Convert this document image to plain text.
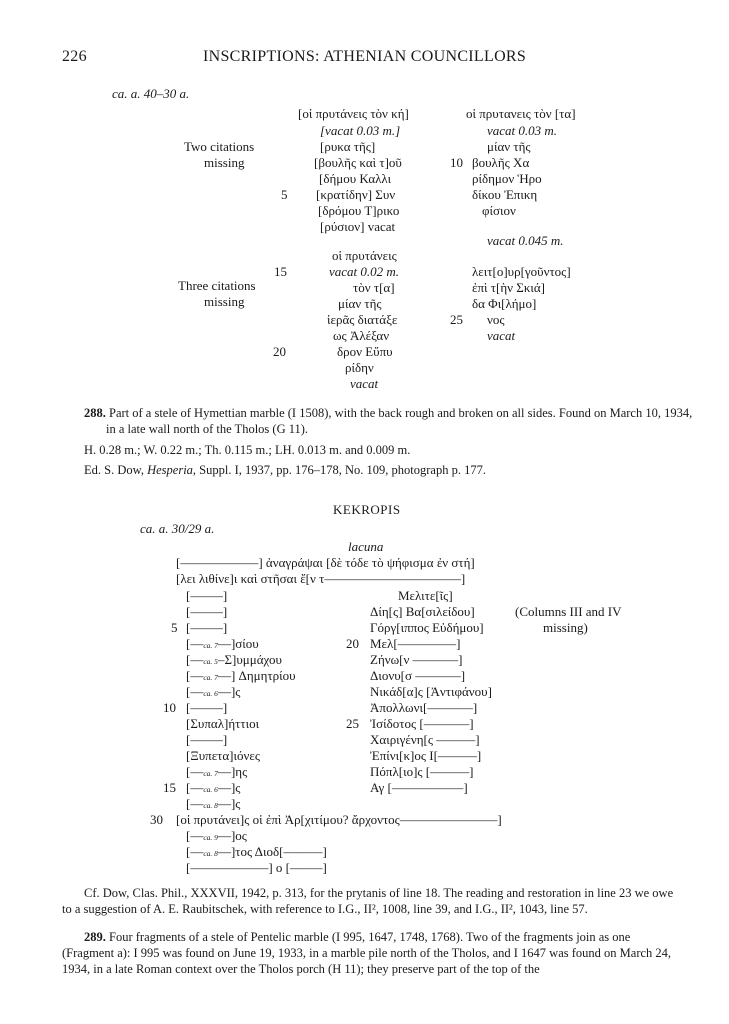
226	INSCRIPTIONS: ATHENIAN COUNCILLORS
ca. a. 40–30 a.
Two citations
missing
Three citations
missing
[οἱ πρυτάνεις τὸν κή]
[vacat 0.03 m.]
[ρυκα τῆς]
[βουλῆς καὶ τ]οῦ
[δήμου Καλλι
[κρατίδην] Συν
[δρόμου Τ]ρικο
[ρύσιον] vacat
οἱ πρυτάνεις
vacat 0.02 m.
τὸν τ[α]
μίαν τῆς
ἱερᾶς διατάξε
ως Ἀλέξαν
δρον Εὔπυ
ρίδην
vacat
οἱ πρυτανεις τὸν [τα]
vacat 0.03 m.
μίαν τῆς
βουλῆς Χα
ρίδημον Ἡρο
δίκου Ἐπικη
φίσιον
vacat 0.045 m.
λειτ[ο]υρ[γοῦντος]
ἐπὶ τ[ὴν Σκιά]
δα Φι[λήμο]
νος
vacat
5
10
15
20
25
288. Part of a stele of Hymettian marble (I 1508), with the back rough and broken on all sides. Found on March 10, 1934, in a late wall north of the Tholos (G 11).
H. 0.28 m.; W. 0.22 m.; Th. 0.115 m.; LH. 0.013 m. and 0.009 m.
Ed. S. Dow, Hesperia, Suppl. I, 1937, pp. 176–178, No. 109, photograph p. 177.
KEKROPIS
ca. a. 30/29 a.
lacuna
[––––––––––––] ἀναγράψαι [δὲ τόδε τὸ ψήφισμα ἐν στή]
[λει λιθίνε]ι καὶ στῆσαι ἔ[ν τ–––––––––––––––––––––]
[–––––]
[–––––]
[–––––]
[––ca. 7––]σίου
[––ca. 5–Σ]υμμάχου
[––ca. 7––] Δημητρίου
[––ca. 6––]ς
[–––––]
[Συπαλ]ήττιοι
[–––––]
[Ξυπετα]ιόνες
[––ca. 7––]ης
[––ca. 6––]ς
[––ca. 8––]ς
Μελιτε[ῖς]
Δίη[ς] Βα[σιλείδου]
Γόργ[ιππος Εὐδήμου]
Μελ[–––––––––]
Ζήνω[ν –––––––]
Διονυ[σ –––––––]
Νικάδ[α]ς [Ἀντιφάνου]
Ἀπολλωνι[–––––––]
Ἰσίδοτος [–––––––]
Χαιριγένη[ς ––––––]
Ἐπίνι[κ]ος Ι[––––––]
Πόπλ[ιο]ς [––––––]
Αγ [–––––––––––]
(Columns III and IV
missing)
[οἱ πρυτάνει]ς οἱ ἐπὶ Ἀρ[χιτίμου? ἄρχοντος–––––––––––––––]
[––ca. 9––]ος
[––ca. 8––]τος Διοδ[––––––]
[––––––––––––] ο [–––––]
5
10
15
20
25
30
Cf. Dow, Clas. Phil., XXXVII, 1942, p. 313, for the prytanis of line 18. The reading and restoration in line 23 we owe to a suggestion of A. E. Raubitschek, with reference to I.G., II², 1008, line 39, and I.G., II², 1043, line 57.
289. Four fragments of a stele of Pentelic marble (I 995, 1647, 1748, 1768). Two of the fragments join as one (Fragment a): I 995 was found on June 19, 1933, in a marble pile north of the Tholos, and I 1647 was found on March 24, 1934, in a late Roman context over the Tholos porch (H 11); they preserve part of the top of the
